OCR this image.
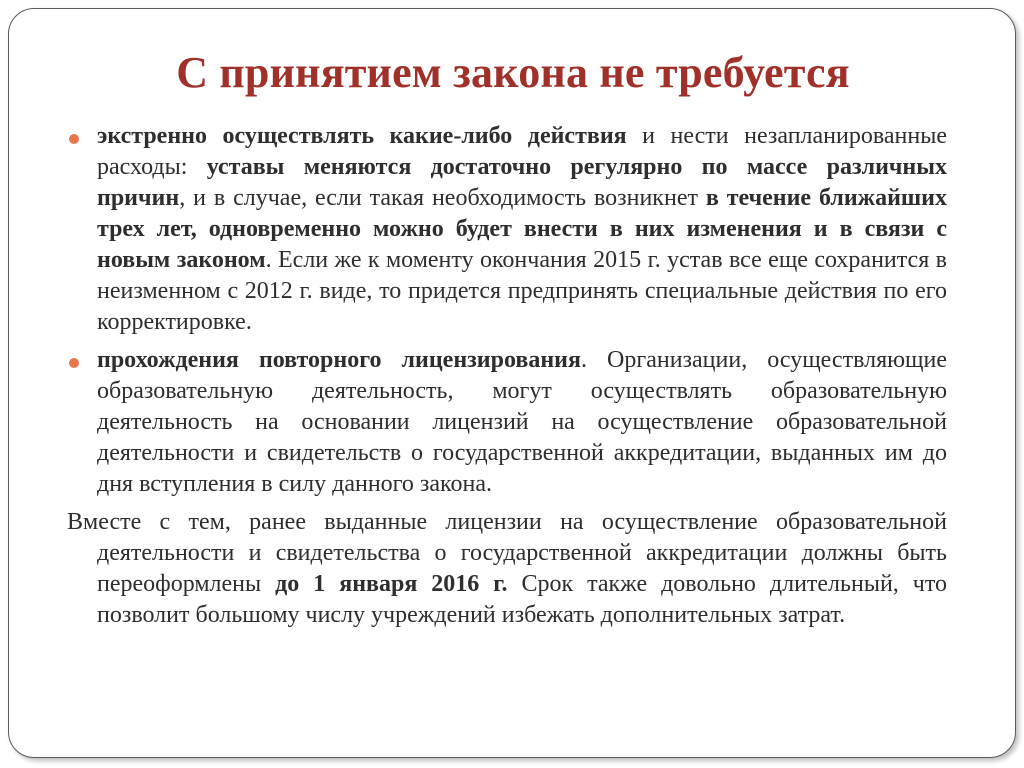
С принятием закона не требуется

экстренно осуществлять какие-либо действия и нести незапланированные расходы: уставы меняются достаточно регулярно по массе различных причин, и в случае, если такая необходимость возникнет в течение ближайших трех лет, одновременно можно будет внести в них изменения и в связи с новым законом. Если же к моменту окончания 2015 г. устав все еще сохранится в неизменном с 2012 г. виде, то придется предпринять специальные действия по его корректировке.

прохождения повторного лицензирования. Организации, осуществляющие образовательную деятельность, могут осуществлять образовательную деятельность на основании лицензий на осуществление образовательной деятельности и свидетельств о государственной аккредитации, выданных им до дня вступления в силу данного закона.

Вместе с тем, ранее выданные лицензии на осуществление образовательной деятельности и свидетельства о государственной аккредитации должны быть переоформлены до 1 января 2016 г. Срок также довольно длительный, что позволит большому числу учреждений избежать дополнительных затрат.
